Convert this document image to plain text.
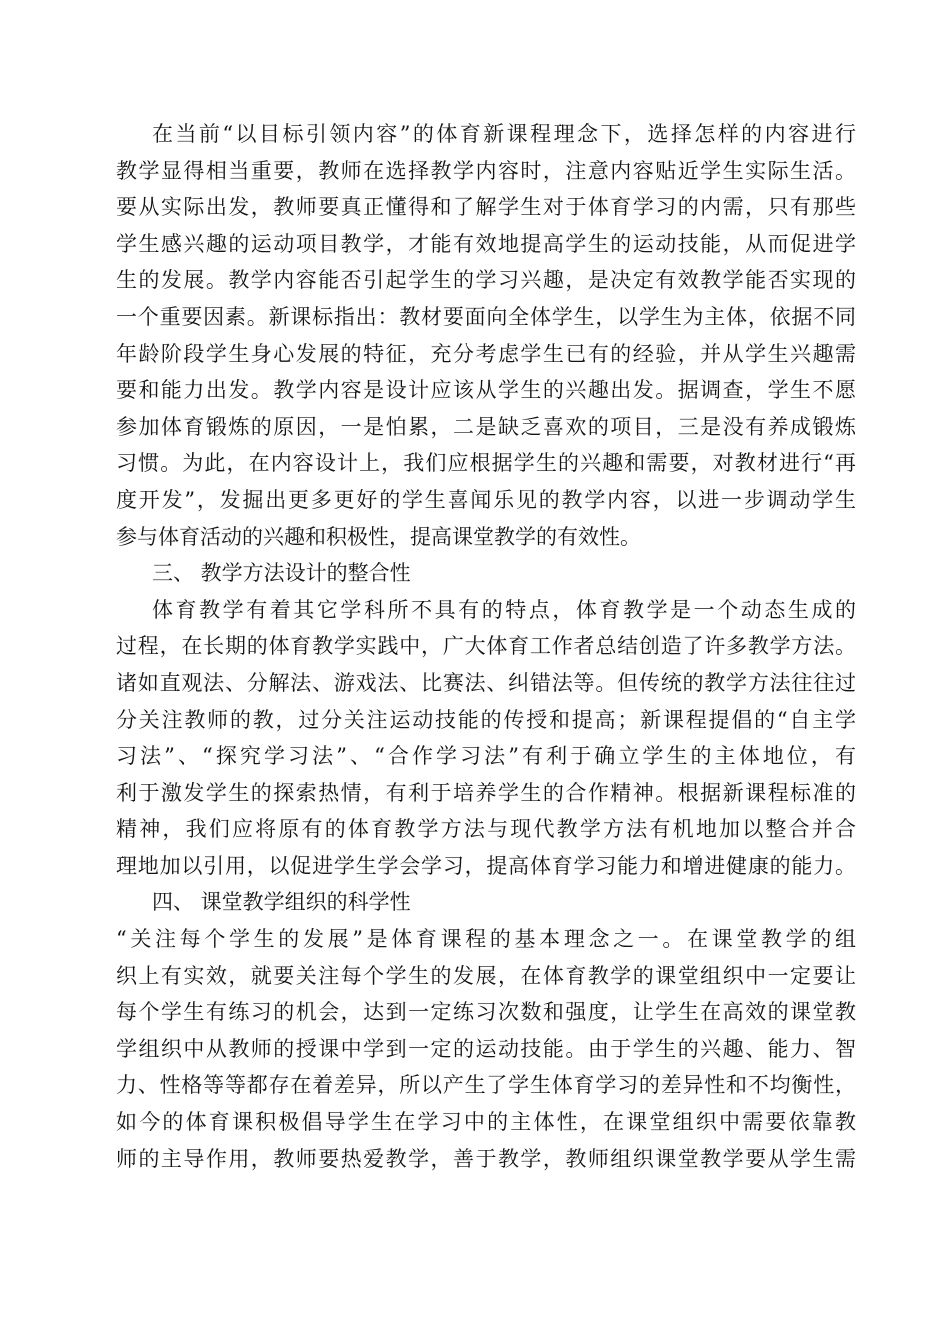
在当前“以目标引领内容”的体育新课程理念下，选择怎样的内容进行
教学显得相当重要，教师在选择教学内容时，注意内容贴近学生实际生活。
要从实际出发，教师要真正懂得和了解学生对于体育学习的内需，只有那些
学生感兴趣的运动项目教学，才能有效地提高学生的运动技能，从而促进学
生的发展。教学内容能否引起学生的学习兴趣，是决定有效教学能否实现的
一个重要因素。新课标指出：教材要面向全体学生，以学生为主体，依据不同
年龄阶段学生身心发展的特征，充分考虑学生已有的经验，并从学生兴趣需
要和能力出发。教学内容是设计应该从学生的兴趣出发。据调查，学生不愿
参加体育锻炼的原因，一是怕累，二是缺乏喜欢的项目，三是没有养成锻炼
习惯。为此，在内容设计上，我们应根据学生的兴趣和需要，对教材进行“再
度开发”，发掘出更多更好的学生喜闻乐见的教学内容，以进一步调动学生
参与体育活动的兴趣和积极性，提高课堂教学的有效性。
三、 教学方法设计的整合性
体育教学有着其它学科所不具有的特点，体育教学是一个动态生成的
过程，在长期的体育教学实践中，广大体育工作者总结创造了许多教学方法。
诸如直观法、分解法、游戏法、比赛法、纠错法等。但传统的教学方法往往过
分关注教师的教，过分关注运动技能的传授和提高；新课程提倡的“自主学
习法”、“探究学习法”、“合作学习法”有利于确立学生的主体地位，有
利于激发学生的探索热情，有利于培养学生的合作精神。根据新课程标准的
精神，我们应将原有的体育教学方法与现代教学方法有机地加以整合并合
理地加以引用，以促进学生学会学习，提高体育学习能力和增进健康的能力。
四、 课堂教学组织的科学性
“关注每个学生的发展”是体育课程的基本理念之一。在课堂教学的组
织上有实效，就要关注每个学生的发展，在体育教学的课堂组织中一定要让
每个学生有练习的机会，达到一定练习次数和强度，让学生在高效的课堂教
学组织中从教师的授课中学到一定的运动技能。由于学生的兴趣、能力、智
力、性格等等都存在着差异，所以产生了学生体育学习的差异性和不均衡性，
如今的体育课积极倡导学生在学习中的主体性，在课堂组织中需要依靠教
师的主导作用，教师要热爱教学，善于教学，教师组织课堂教学要从学生需
